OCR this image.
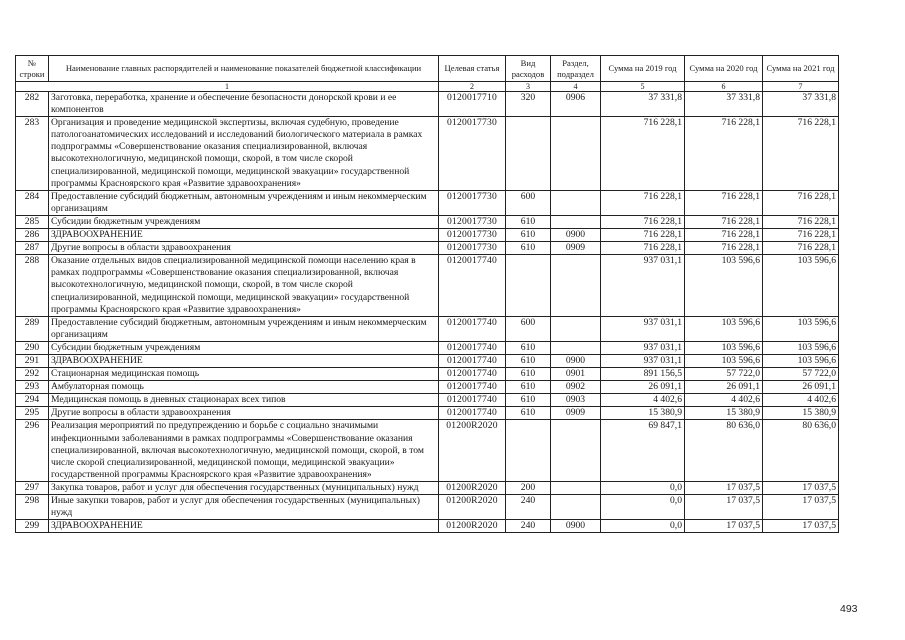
№ строки	Наименование главных распорядителей и наименование показателей бюджетной классификации	Целевая статья	Вид расходов	Раздел, подраздел	Сумма на 2019 год	Сумма на 2020 год	Сумма на 2021 год
1		2	3	4	5	6	7
282	Заготовка, переработка, хранение и обеспечение безопасности донорской крови и ее компонентов	0120017710	320	0906	37 331,8	37 331,8	37 331,8
283	Организация и проведение медицинской экспертизы, включая судебную, проведение патологоанатомических исследований и исследований биологического материала в рамках подпрограммы «Совершенствование оказания специализированной, включая высокотехнологичную, медицинской помощи, скорой, в том числе скорой специализированной, медицинской помощи, медицинской эвакуации» государственной программы Красноярского края «Развитие здравоохранения»	0120017730			716 228,1	716 228,1	716 228,1
284	Предоставление субсидий бюджетным, автономным учреждениям и иным некоммерческим организациям	0120017730	600		716 228,1	716 228,1	716 228,1
285	Субсидии бюджетным учреждениям	0120017730	610		716 228,1	716 228,1	716 228,1
286	ЗДРАВООХРАНЕНИЕ	0120017730	610	0900	716 228,1	716 228,1	716 228,1
287	Другие вопросы в области здравоохранения	0120017730	610	0909	716 228,1	716 228,1	716 228,1
288	Оказание отдельных видов специализированной медицинской помощи населению края в рамках подпрограммы «Совершенствование оказания специализированной, включая высокотехнологичную, медицинской помощи, скорой, в том числе скорой специализированной, медицинской помощи, медицинской эвакуации» государственной программы Красноярского края «Развитие здравоохранения»	0120017740			937 031,1	103 596,6	103 596,6
289	Предоставление субсидий бюджетным, автономным учреждениям и иным некоммерческим организациям	0120017740	600		937 031,1	103 596,6	103 596,6
290	Субсидии бюджетным учреждениям	0120017740	610		937 031,1	103 596,6	103 596,6
291	ЗДРАВООХРАНЕНИЕ	0120017740	610	0900	937 031,1	103 596,6	103 596,6
292	Стационарная медицинская помощь	0120017740	610	0901	891 156,5	57 722,0	57 722,0
293	Амбулаторная помощь	0120017740	610	0902	26 091,1	26 091,1	26 091,1
294	Медицинская помощь в дневных стационарах всех типов	0120017740	610	0903	4 402,6	4 402,6	4 402,6
295	Другие вопросы в области здравоохранения	0120017740	610	0909	15 380,9	15 380,9	15 380,9
296	Реализация мероприятий по предупреждению и борьбе с социально значимыми инфекционными заболеваниями в рамках подпрограммы «Совершенствование оказания специализированной, включая высокотехнологичную, медицинской помощи, скорой, в том числе скорой специализированной, медицинской помощи, медицинской эвакуации» государственной программы Красноярского края «Развитие здравоохранения»	01200R2020			69 847,1	80 636,0	80 636,0
297	Закупка товаров, работ и услуг для обеспечения государственных (муниципальных) нужд	01200R2020	200		0,0	17 037,5	17 037,5
298	Иные закупки товаров, работ и услуг для обеспечения государственных (муниципальных) нужд	01200R2020	240		0,0	17 037,5	17 037,5
299	ЗДРАВООХРАНЕНИЕ	01200R2020	240	0900	0,0	17 037,5	17 037,5
493
